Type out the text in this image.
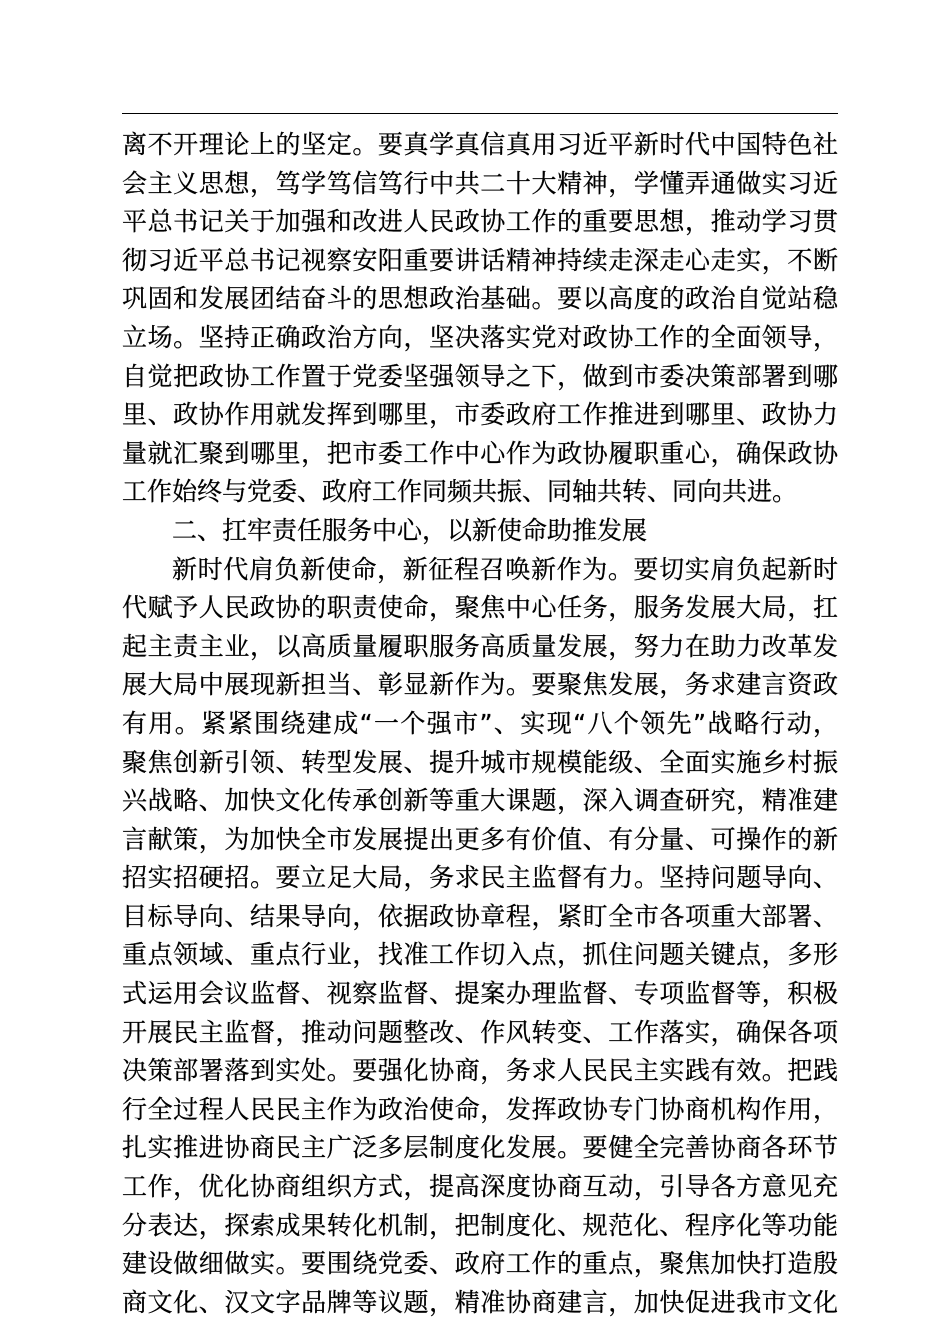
离不开理论上的坚定。要真学真信真用习近平新时代中国特色社
会主义思想，笃学笃信笃行中共二十大精神，学懂弄通做实习近
平总书记关于加强和改进人民政协工作的重要思想，推动学习贯
彻习近平总书记视察安阳重要讲话精神持续走深走心走实，不断
巩固和发展团结奋斗的思想政治基础。要以高度的政治自觉站稳
立场。坚持正确政治方向，坚决落实党对政协工作的全面领导，
自觉把政协工作置于党委坚强领导之下，做到市委决策部署到哪
里、政协作用就发挥到哪里，市委政府工作推进到哪里、政协力
量就汇聚到哪里，把市委工作中心作为政协履职重心，确保政协
工作始终与党委、政府工作同频共振、同轴共转、同向共进。
二、扛牢责任服务中心，以新使命助推发展
新时代肩负新使命，新征程召唤新作为。要切实肩负起新时
代赋予人民政协的职责使命，聚焦中心任务，服务发展大局，扛
起主责主业，以高质量履职服务高质量发展，努力在助力改革发
展大局中展现新担当、彰显新作为。要聚焦发展，务求建言资政
有用。紧紧围绕建成“一个强市”、实现“八个领先”战略行动，
聚焦创新引领、转型发展、提升城市规模能级、全面实施乡村振
兴战略、加快文化传承创新等重大课题，深入调查研究，精准建
言献策，为加快全市发展提出更多有价值、有分量、可操作的新
招实招硬招。要立足大局，务求民主监督有力。坚持问题导向、
目标导向、结果导向，依据政协章程，紧盯全市各项重大部署、
重点领域、重点行业，找准工作切入点，抓住问题关键点，多形
式运用会议监督、视察监督、提案办理监督、专项监督等，积极
开展民主监督，推动问题整改、作风转变、工作落实，确保各项
决策部署落到实处。要强化协商，务求人民民主实践有效。把践
行全过程人民民主作为政治使命，发挥政协专门协商机构作用，
扎实推进协商民主广泛多层制度化发展。要健全完善协商各环节
工作，优化协商组织方式，提高深度协商互动，引导各方意见充
分表达，探索成果转化机制，把制度化、规范化、程序化等功能
建设做细做实。要围绕党委、政府工作的重点，聚焦加快打造殷
商文化、汉文字品牌等议题，精准协商建言，加快促进我市文化
